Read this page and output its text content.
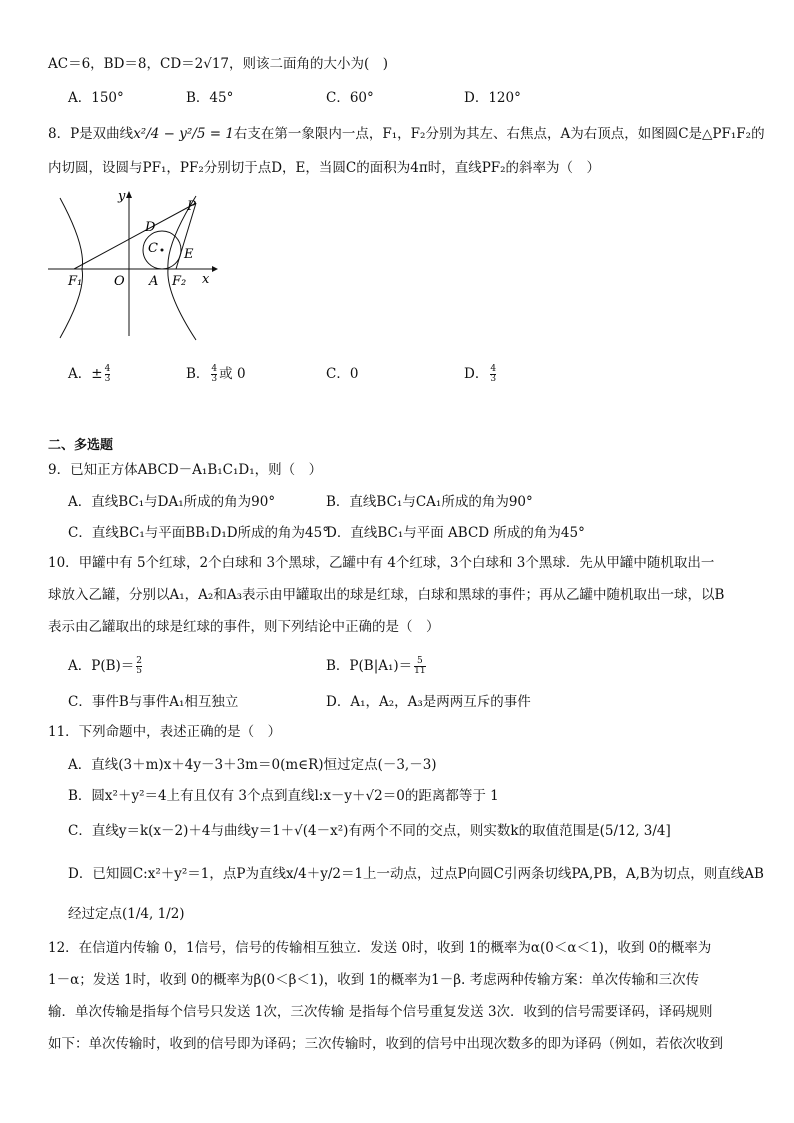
AC＝6，BD＝8，CD＝2√17，则该二面角的大小为(　)
A．150°	B．45°	C．60°	D．120°
8．P是双曲线x²/4 − y²/5 = 1右支在第一象限内一点，F₁，F₂分别为其左、右焦点，A为右顶点，如图圆C是△PF₁F₂的
内切圆，设圆与PF₁，PF₂分别切于点D，E，当圆C的面积为4π时，直线PF₂的斜率为（　）
y
x
P
D
C E
F₁ O A F₂
A．± $\frac{4}{3}$	B． $\frac{4}{3}$ 或 0	C．0	D． $\frac{4}{3}$
二、多选题
9．已知正方体ABCD－A₁B₁C₁D₁，则（　）
A．直线BC₁与DA₁所成的角为90°	B．直线BC₁与CA₁所成的角为90°
C．直线BC₁与平面BB₁D₁D所成的角为45°
D．直线BC₁与平面 ABCD 所成的角为45°
10．甲罐中有 5个红球，2个白球和 3个黑球，乙罐中有 4个红球，3个白球和 3个黑球．先从甲罐中随机取出一
球放入乙罐，分别以A₁，A₂和A₃表示由甲罐取出的球是红球，白球和黑球的事件；再从乙罐中随机取出一球，以B
表示由乙罐取出的球是红球的事件，则下列结论中正确的是（　）
A．$P(B)= \frac{2}{5}$	B．$P(B|A_1)= \frac{5}{11}$
C．事件B与事件A₁相互独立	D．A₁，A₂，A₃是两两互斥的事件
11．下列命题中，表述正确的是（　）
A．直线(3＋m)x＋4y－3＋3m＝0(m∈R)恒过定点(－3,－3)
B．圆x²＋y²＝4上有且仅有 3个点到直线l:x－y＋√2＝0的距离都等于 1
C．直线y＝k(x－2)＋4与曲线y＝1＋√(4－x²)有两个不同的交点，则实数k的取值范围是(5/12, 3/4]
D．已知圆C:x²＋y²＝1，点P为直线x/4＋y/2＝1上一动点，过点P向圆C引两条切线PA,PB，A,B为切点，则直线AB
经过定点(1/4, 1/2)
12．在信道内传输 0，1信号，信号的传输相互独立．发送 0时，收到 1的概率为α(0＜α＜1)，收到 0的概率为
1－α；发送 1时，收到 0的概率为β(0＜β＜1)，收到 1的概率为1－β. 考虑两种传输方案：单次传输和三次传
输．单次传输是指每个信号只发送 1次，三次传输 是指每个信号重复发送 3次．收到的信号需要译码，译码规则
如下：单次传输时，收到的信号即为译码；三次传输时，收到的信号中出现次数多的即为译码（例如，若依次收到
